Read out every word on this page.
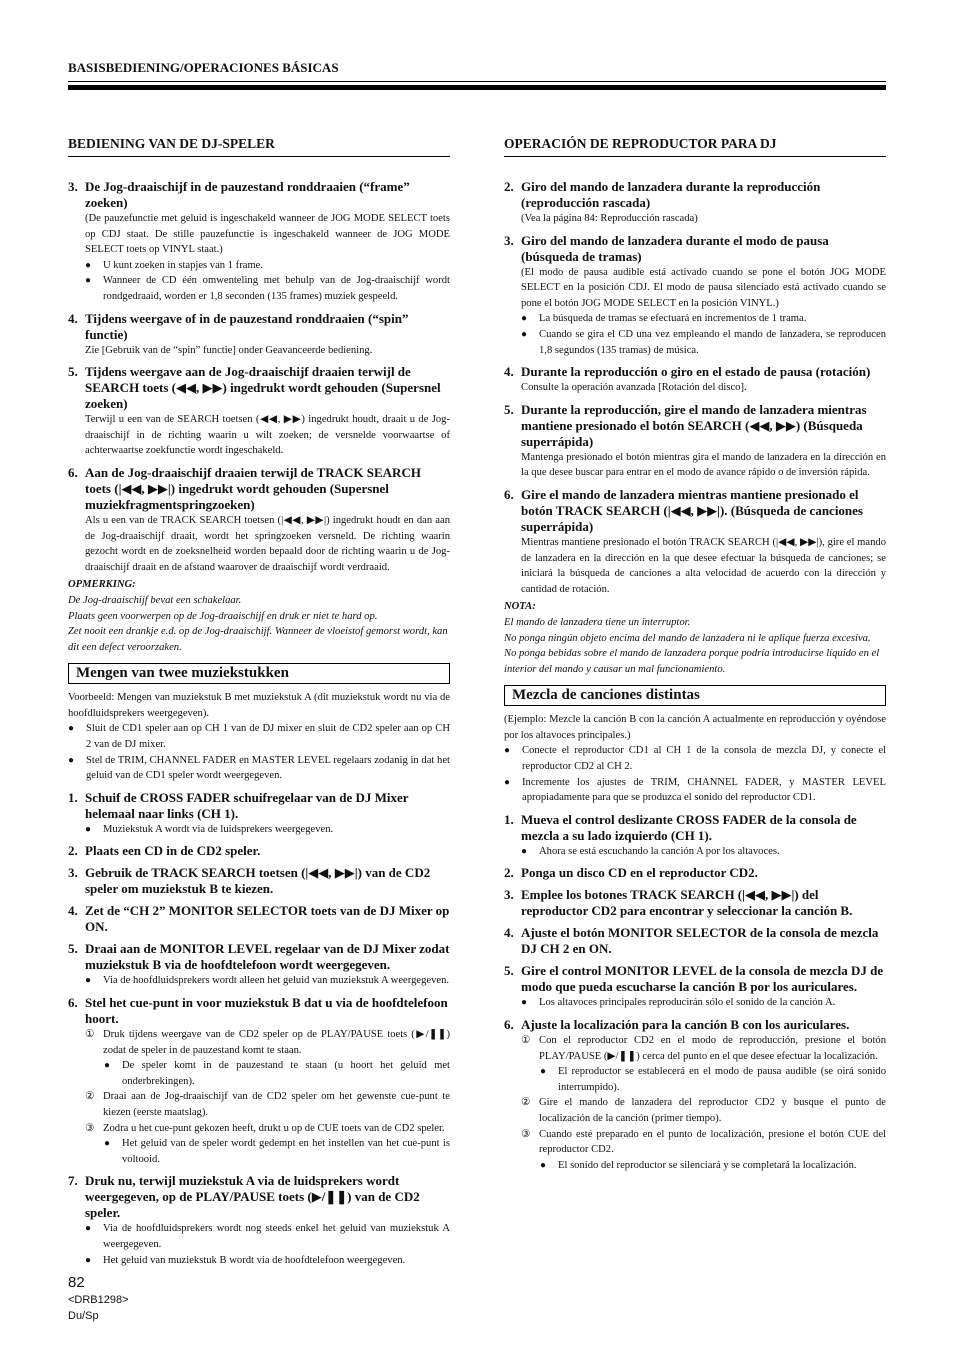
BASISBEDIENING/OPERACIONES BÁSICAS
BEDIENING VAN DE DJ-SPELER
3. De Jog-draaischijf in de pauzestand ronddraaien (“frame” zoeken)
(De pauzefunctie met geluid is ingeschakeld wanneer de JOG MODE SELECT toets op CDJ staat. De stille pauzefunctie is ingeschakeld wanneer de JOG MODE SELECT toets op VINYL staat.)
●	U kunt zoeken in stapjes van 1 frame.
●	Wanneer de CD één omwenteling met behulp van de Jog-draaischijf wordt rondgedraaid, worden er 1,8 seconden (135 frames) muziek gespeeld.
4. Tijdens weergave of in de pauzestand ronddraaien (“spin” functie)
Zie [Gebruik van de “spin” functie] onder Geavanceerde bediening.
5. Tijdens weergave aan de Jog-draaischijf draaien terwijl de SEARCH toets (◀◀, ▶▶) ingedrukt wordt gehouden (Supersnel zoeken)
Terwijl u een van de SEARCH toetsen (◀◀, ▶▶) ingedrukt houdt, draait u de Jog-draaischijf in de richting waarin u wilt zoeken; de versnelde voorwaartse of achterwaartse zoekfunctie wordt ingeschakeld.
6. Aan de Jog-draaischijf draaien terwijl de TRACK SEARCH toets (|◀◀, ▶▶|) ingedrukt wordt gehouden (Supersnel muziekfragmentspringzoeken)
Als u een van de TRACK SEARCH toetsen (|◀◀, ▶▶|) ingedrukt houdt en dan aan de Jog-draaischijf draait, wordt het springzoeken versneld. De richting waarin gezocht wordt en de zoeksnelheid worden bepaald door de richting waarin u de Jog-draaischijf draait en de afstand waarover de draaischijf wordt verdraaid.
OPMERKING:
De Jog-draaischijf bevat een schakelaar.
Plaats geen voorwerpen op de Jog-draaischijf en druk er niet te hard op.
Zet nooit een drankje e.d. op de Jog-draaischijf. Wanneer de vloeistof gemorst wordt, kan dit een defect veroorzaken.
Mengen van twee muziekstukken
Voorbeeld: Mengen van muziekstuk B met muziekstuk A (dit muziekstuk wordt nu via de hoofdluidsprekers weergegeven).
●	Sluit de CD1 speler aan op CH 1 van de DJ mixer en sluit de CD2 speler aan op CH 2 van de DJ mixer.
●	Stel de TRIM, CHANNEL FADER en MASTER LEVEL regelaars zodanig in dat het geluid van de CD1 speler wordt weergegeven.
1. Schuif de CROSS FADER schuifregelaar van de DJ Mixer helemaal naar links (CH 1).
●	Muziekstuk A wordt via de luidsprekers weergegeven.
2. Plaats een CD in de CD2 speler.
3. Gebruik de TRACK SEARCH toetsen (|◀◀, ▶▶|) van de CD2 speler om muziekstuk B te kiezen.
4. Zet de “CH 2” MONITOR SELECTOR toets van de DJ Mixer op ON.
5. Draai aan de MONITOR LEVEL regelaar van de DJ Mixer zodat muziekstuk B via de hoofdtelefoon wordt weergegeven.
●	Via de hoofdluidsprekers wordt alleen het geluid van muziekstuk A weergegeven.
6. Stel het cue-punt in voor muziekstuk B dat u via de hoofdtelefoon hoort.
① Druk tijdens weergave van de CD2 speler op de PLAY/PAUSE toets (▶/❚❚) zodat de speler in de pauzestand komt te staan.
●	De speler komt in de pauzestand te staan (u hoort het geluid met onderbrekingen).
② Draai aan de Jog-draaischijf van de CD2 speler om het gewenste cue-punt te kiezen (eerste maatslag).
③ Zodra u het cue-punt gekozen heeft, drukt u op de CUE toets van de CD2 speler.
●	Het geluid van de speler wordt gedempt en het instellen van het cue-punt is voltooid.
7. Druk nu, terwijl muziekstuk A via de luidsprekers wordt weergegeven, op de PLAY/PAUSE toets (▶/❚❚) van de CD2 speler.
●	Via de hoofdluidsprekers wordt nog steeds enkel het geluid van muziekstuk A weergegeven.
●	Het geluid van muziekstuk B wordt via de hoofdtelefoon weergegeven.
OPERACIÓN DE REPRODUCTOR PARA DJ
2. Giro del mando de lanzadera durante la reproducción (reproducción rascada)
(Vea la página 84: Reproducción rascada)
3. Giro del mando de lanzadera durante el modo de pausa (búsqueda de tramas)
(El modo de pausa audible está activado cuando se pone el botón JOG MODE SELECT en la posición CDJ. El modo de pausa silenciado está activado cuando se pone el botón JOG MODE SELECT en la posición VINYL.)
●	La búsqueda de tramas se efectuará en incrementos de 1 trama.
●	Cuando se gira el CD una vez empleando el mando de lanzadera, se reproducen 1,8 segundos (135 tramas) de música.
4. Durante la reproducción o giro en el estado de pausa (rotación)
Consulte la operación avanzada [Rotación del disco].
5. Durante la reproducción, gire el mando de lanzadera mientras mantiene presionado el botón SEARCH (◀◀, ▶▶) (Búsqueda superrápida)
Mantenga presionado el botón mientras gira el mando de lanzadera en la dirección en la que desee buscar para entrar en el modo de avance rápido o de inversión rápida.
6. Gire el mando de lanzadera mientras mantiene presionado el botón TRACK SEARCH (|◀◀, ▶▶|). (Búsqueda de canciones superrápida)
Mientras mantiene presionado el botón TRACK SEARCH (|◀◀, ▶▶|), gire el mando de lanzadera en la dirección en la que desee efectuar la búsqueda de canciones; se iniciará la búsqueda de canciones a alta velocidad de acuerdo con la dirección y cantidad de rotación.
NOTA:
El mando de lanzadera tiene un interruptor.
No ponga ningún objeto encima del mando de lanzadera ni le aplique fuerza excesiva.
No ponga bebidas sobre el mando de lanzadera porque podría introducirse líquido en el interior del mando y causar un mal funcionamiento.
Mezcla de canciones distintas
(Ejemplo: Mezcle la canción B con la canción A actualmente en reproducción y oyéndose por los altavoces principales.)
●	Conecte el reproductor CD1 al CH 1 de la consola de mezcla DJ, y conecte el reproductor CD2 al CH 2.
●	Incremente los ajustes de TRIM, CHANNEL FADER, y MASTER LEVEL apropiadamente para que se produzca el sonido del reproductor CD1.
1. Mueva el control deslizante CROSS FADER de la consola de mezcla a su lado izquierdo (CH 1).
●	Ahora se está escuchando la canción A por los altavoces.
2. Ponga un disco CD en el reproductor CD2.
3. Emplee los botones TRACK SEARCH (|◀◀, ▶▶|) del reproductor CD2 para encontrar y seleccionar la canción B.
4. Ajuste el botón MONITOR SELECTOR de la consola de mezcla DJ CH 2 en ON.
5. Gire el control MONITOR LEVEL de la consola de mezcla DJ de modo que pueda escucharse la canción B por los auriculares.
●	Los altavoces principales reproducirán sólo el sonido de la canción A.
6. Ajuste la localización para la canción B con los auriculares.
① Con el reproductor CD2 en el modo de reproducción, presione el botón PLAY/PAUSE (▶/❚❚) cerca del punto en el que desee efectuar la localización.
●	El reproductor se establecerá en el modo de pausa audible (se oirá sonido interrumpido).
② Gire el mando de lanzadera del reproductor CD2 y busque el punto de localización de la canción (primer tiempo).
③ Cuando esté preparado en el punto de localización, presione el botón CUE del reproductor CD2.
●	El sonido del reproductor se silenciará y se completará la localización.
82
<DRB1298>
Du/Sp
